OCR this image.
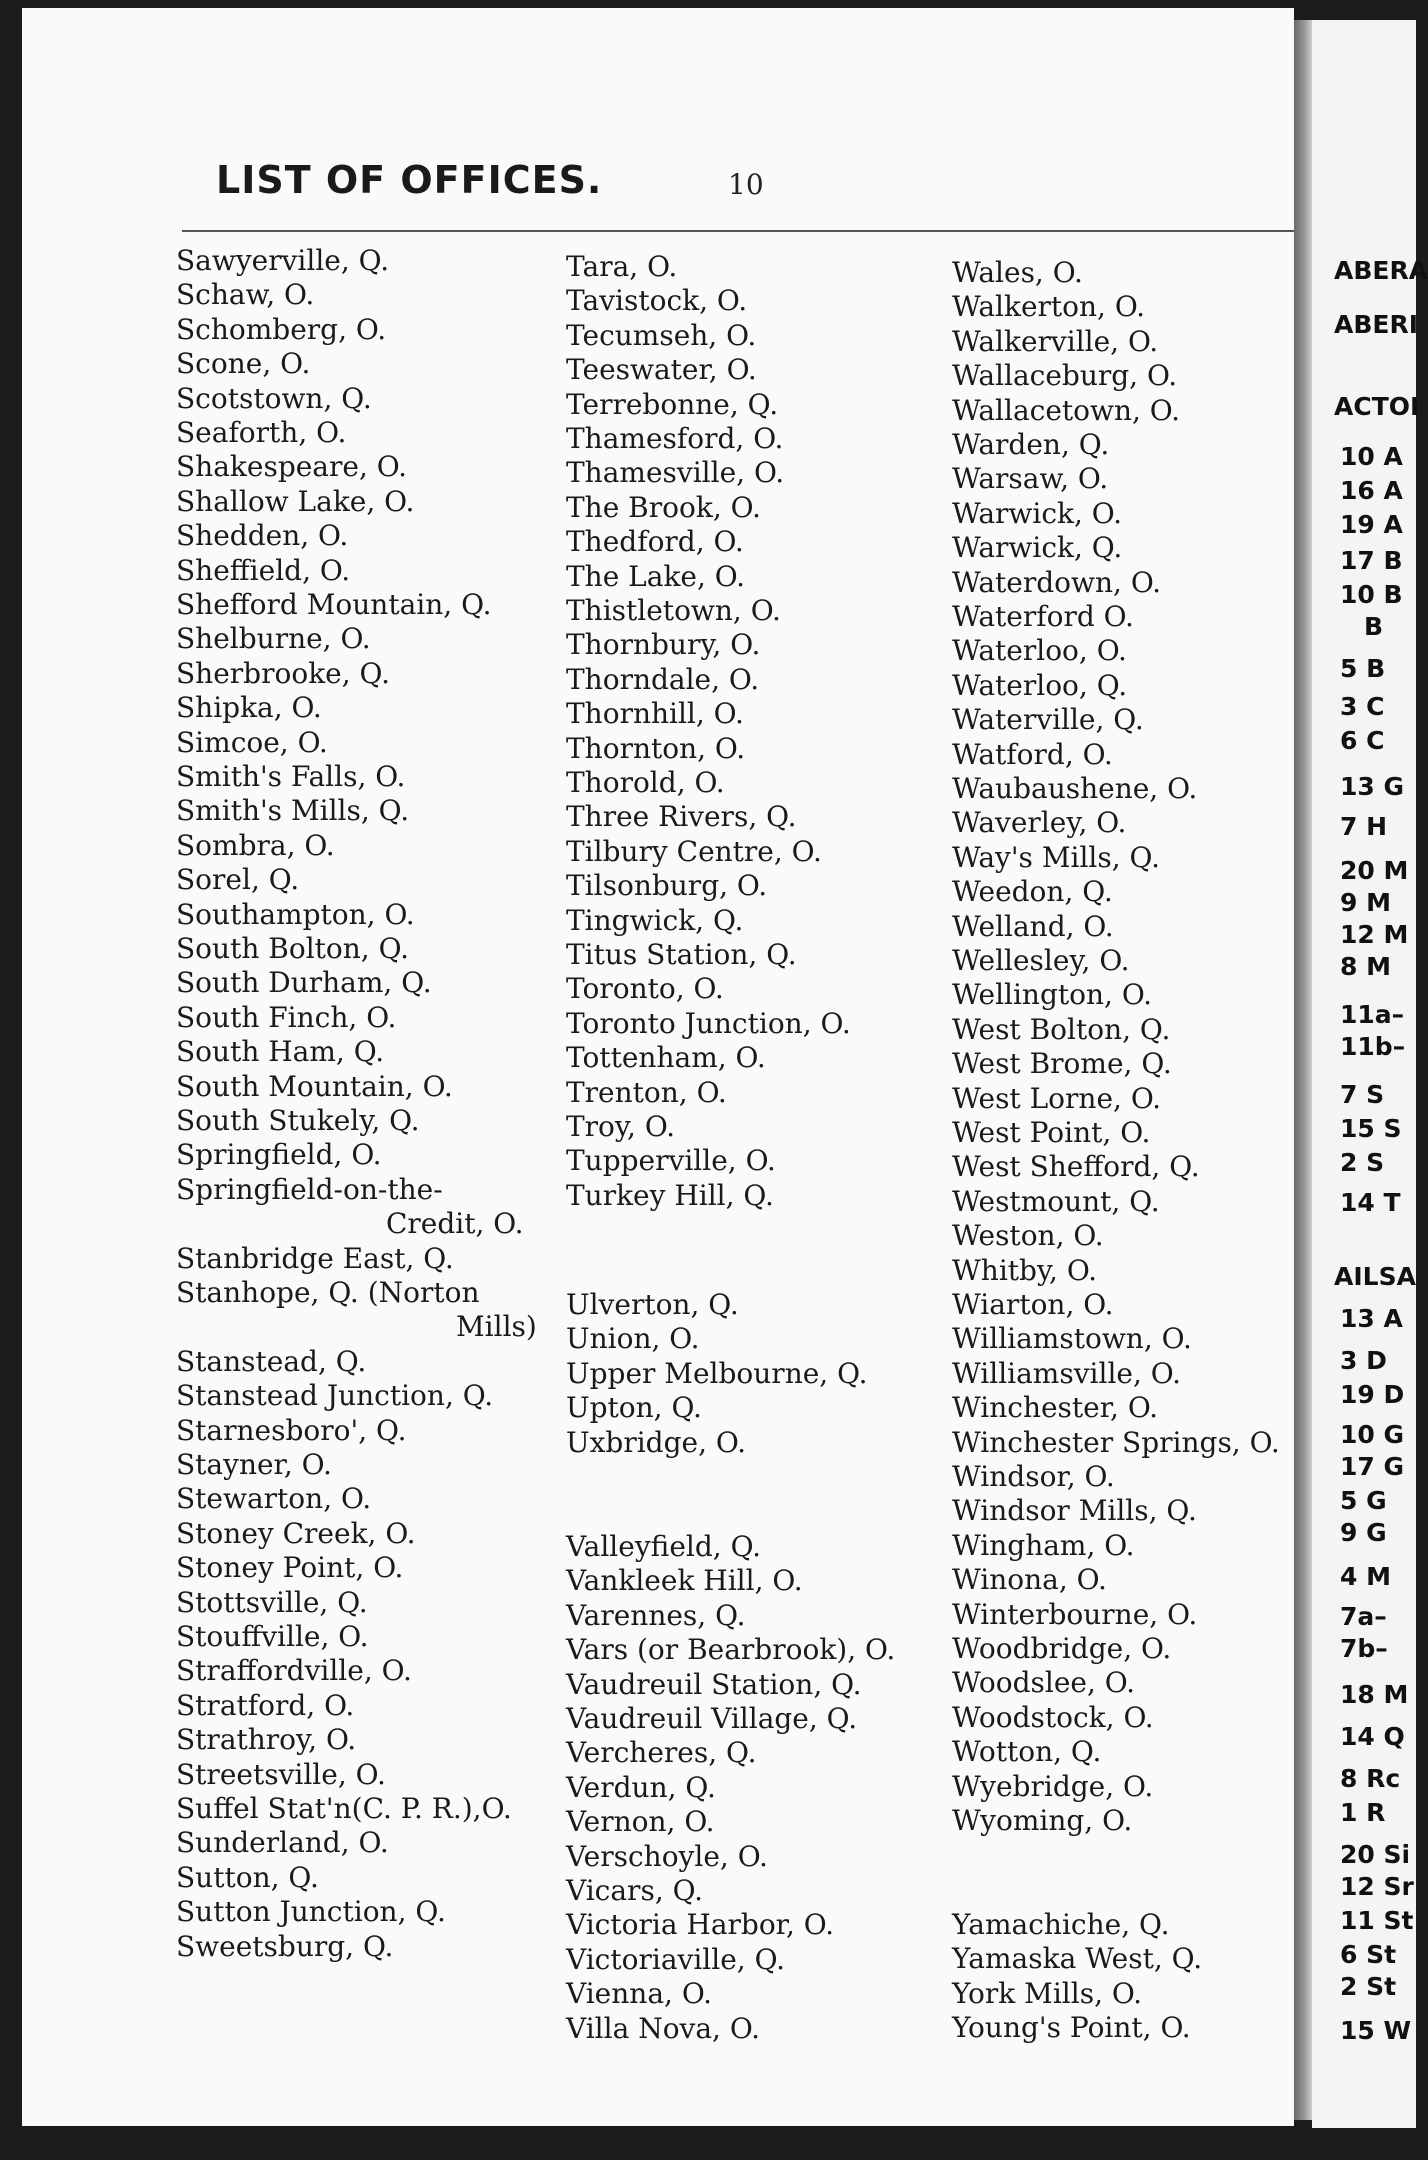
LIST OF OFFICES.	10
Sawyerville, Q.
Schaw, O.
Schomberg, O.
Scone, O.
Scotstown, Q.
Seaforth, O.
Shakespeare, O.
Shallow Lake, O.
Shedden, O.
Sheffield, O.
Shefford Mountain, Q.
Shelburne, O.
Sherbrooke, Q.
Shipka, O.
Simcoe, O.
Smith's Falls, O.
Smith's Mills, Q.
Sombra, O.
Sorel, Q.
Southampton, O.
South Bolton, Q.
South Durham, Q.
South Finch, O.
South Ham, Q.
South Mountain, O.
South Stukely, Q.
Springfield, O.
Springfield-on-the-
Credit, O.
Stanbridge East, Q.
Stanhope, Q. (Norton
Mills)
Stanstead, Q.
Stanstead Junction, Q.
Starnesboro', Q.
Stayner, O.
Stewarton, O.
Stoney Creek, O.
Stoney Point, O.
Stottsville, Q.
Stouffville, O.
Straffordville, O.
Stratford, O.
Strathroy, O.
Streetsville, O.
Suffel Stat'n(C. P. R.),O.
Sunderland, O.
Sutton, Q.
Sutton Junction, Q.
Sweetsburg, Q.
Tara, O.
Tavistock, O.
Tecumseh, O.
Teeswater, O.
Terrebonne, Q.
Thamesford, O.
Thamesville, O.
The Brook, O.
Thedford, O.
The Lake, O.
Thistletown, O.
Thornbury, O.
Thorndale, O.
Thornhill, O.
Thornton, O.
Thorold, O.
Three Rivers, Q.
Tilbury Centre, O.
Tilsonburg, O.
Tingwick, Q.
Titus Station, Q.
Toronto, O.
Toronto Junction, O.
Tottenham, O.
Trenton, O.
Troy, O.
Tupperville, O.
Turkey Hill, Q.
Ulverton, Q.
Union, O.
Upper Melbourne, Q.
Upton, Q.
Uxbridge, O.
Valleyfield, Q.
Vankleek Hill, O.
Varennes, Q.
Vars (or Bearbrook), O.
Vaudreuil Station, Q.
Vaudreuil Village, Q.
Vercheres, Q.
Verdun, Q.
Vernon, O.
Verschoyle, O.
Vicars, Q.
Victoria Harbor, O.
Victoriaville, Q.
Vienna, O.
Villa Nova, O.
Wales, O.
Walkerton, O.
Walkerville, O.
Wallaceburg, O.
Wallacetown, O.
Warden, Q.
Warsaw, O.
Warwick, O.
Warwick, Q.
Waterdown, O.
Waterford O.
Waterloo, O.
Waterloo, Q.
Waterville, Q.
Watford, O.
Waubaushene, O.
Waverley, O.
Way's Mills, Q.
Weedon, Q.
Welland, O.
Wellesley, O.
Wellington, O.
West Bolton, Q.
West Brome, Q.
West Lorne, O.
West Point, O.
West Shefford, Q.
Westmount, Q.
Weston, O.
Whitby, O.
Wiarton, O.
Williamstown, O.
Williamsville, O.
Winchester, O.
Winchester Springs, O.
Windsor, O.
Windsor Mills, Q.
Wingham, O.
Winona, O.
Winterbourne, O.
Woodbridge, O.
Woodslee, O.
Woodstock, O.
Wotton, Q.
Wyebridge, O.
Wyoming, O.
Yamachiche, Q.
Yamaska West, Q.
York Mills, O.
Young's Point, O.
ABERA
ABERI
ACTOI
10 A
16 A
19 A
17 B
10 B
B
5 B
3 C
6 C
13 G
7 H
20 M
9 M
12 M
8 M
11a–
11b–
7 S
15 S
2 S
14 T
AILSA
13 A
3 D
19 D
10 G
17 G
5 G
9 G
4 M
7a–
7b–
18 M
14 Q
8 Rc
1 R
20 Si
12 Sr
11 St
6 St
2 St
15 W
